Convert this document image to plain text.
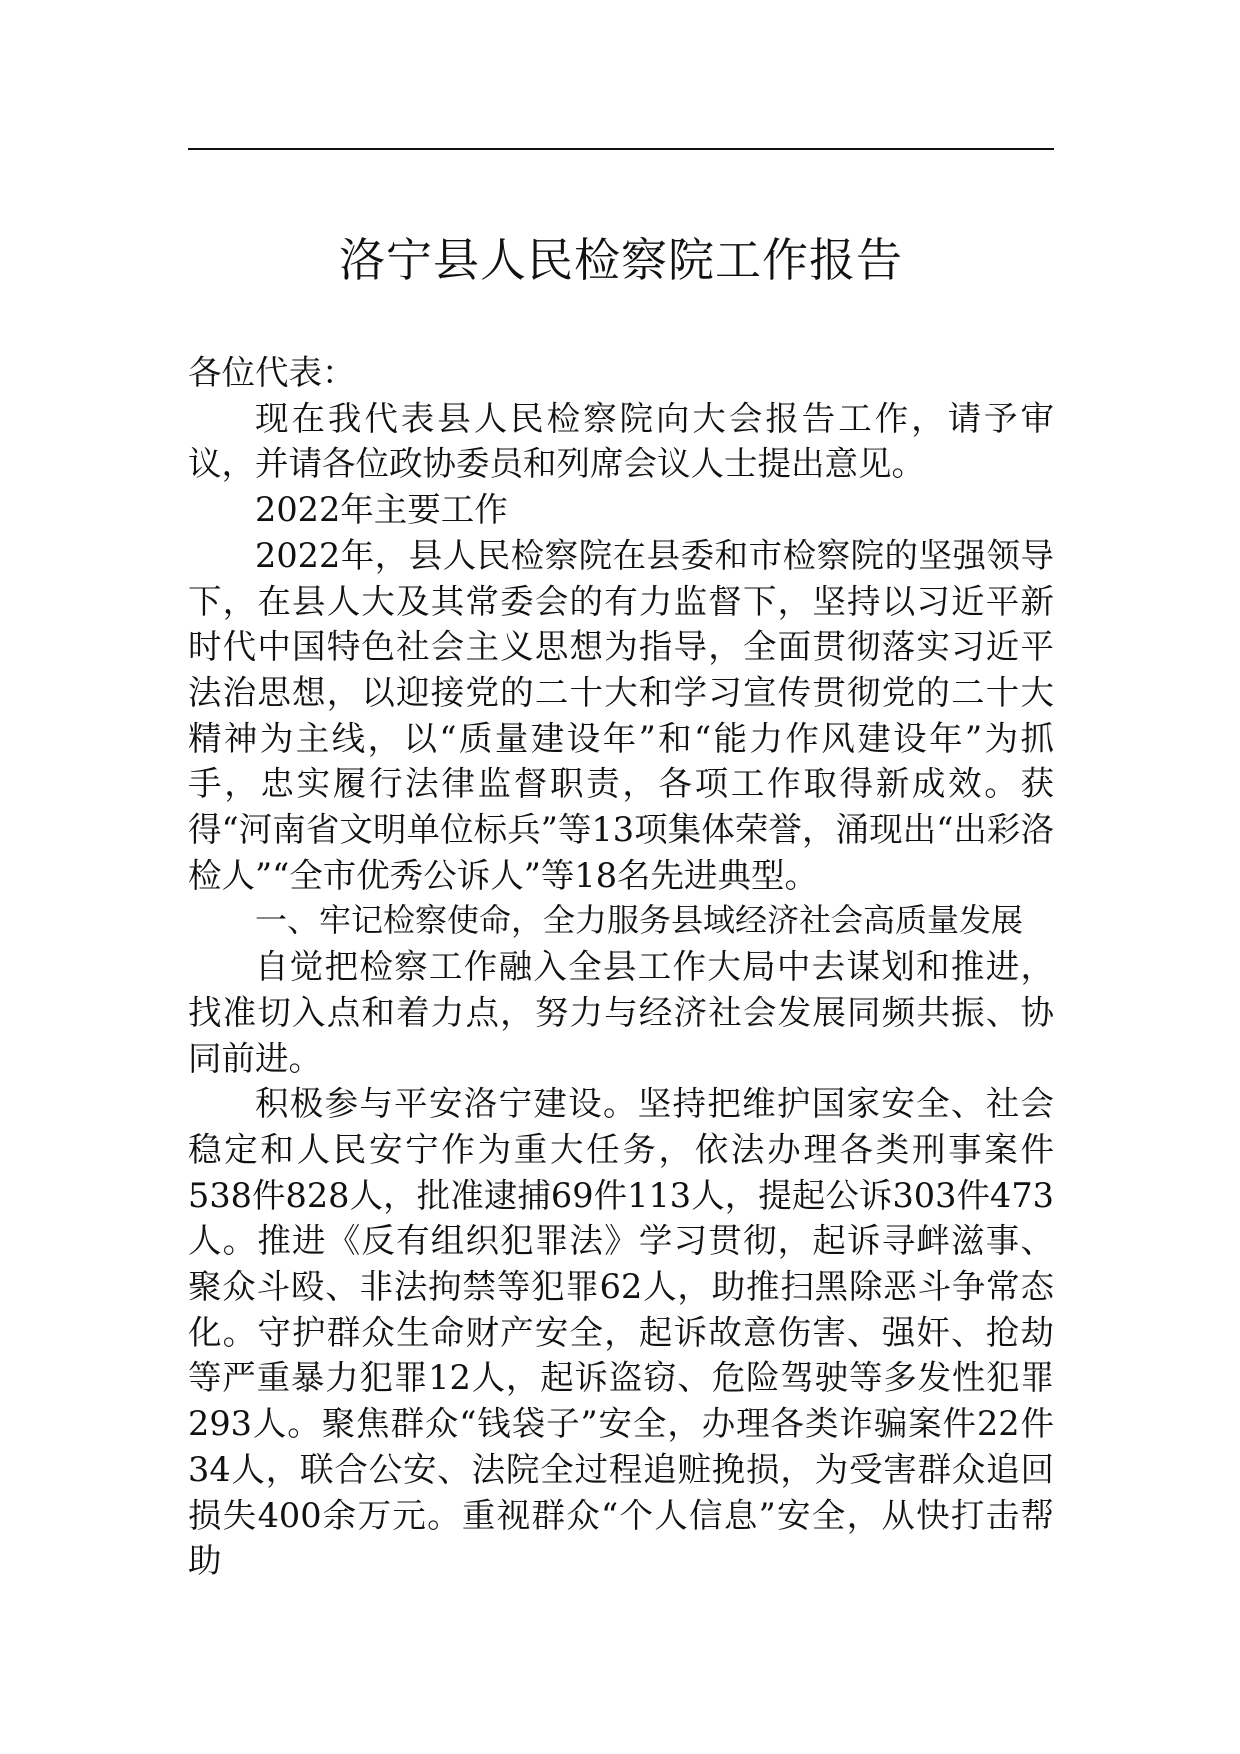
洛宁县人民检察院工作报告

各位代表：

现在我代表县人民检察院向大会报告工作，请予审议，并请各位政协委员和列席会议人士提出意见。

2022年主要工作

2022年，县人民检察院在县委和市检察院的坚强领导下，在县人大及其常委会的有力监督下，坚持以习近平新时代中国特色社会主义思想为指导，全面贯彻落实习近平法治思想，以迎接党的二十大和学习宣传贯彻党的二十大精神为主线，以“质量建设年”和“能力作风建设年”为抓手，忠实履行法律监督职责，各项工作取得新成效。获得“河南省文明单位标兵”等13项集体荣誉，涌现出“出彩洛检人”“全市优秀公诉人”等18名先进典型。

一、牢记检察使命，全力服务县域经济社会高质量发展

自觉把检察工作融入全县工作大局中去谋划和推进，找准切入点和着力点，努力与经济社会发展同频共振、协同前进。

积极参与平安洛宁建设。坚持把维护国家安全、社会稳定和人民安宁作为重大任务，依法办理各类刑事案件538件828人，批准逮捕69件113人，提起公诉303件473人。推进《反有组织犯罪法》学习贯彻，起诉寻衅滋事、聚众斗殴、非法拘禁等犯罪62人，助推扫黑除恶斗争常态化。守护群众生命财产安全，起诉故意伤害、强奸、抢劫等严重暴力犯罪12人，起诉盗窃、危险驾驶等多发性犯罪293人。聚焦群众“钱袋子”安全，办理各类诈骗案件22件34人，联合公安、法院全过程追赃挽损，为受害群众追回损失400余万元。重视群众“个人信息”安全，从快打击帮助
